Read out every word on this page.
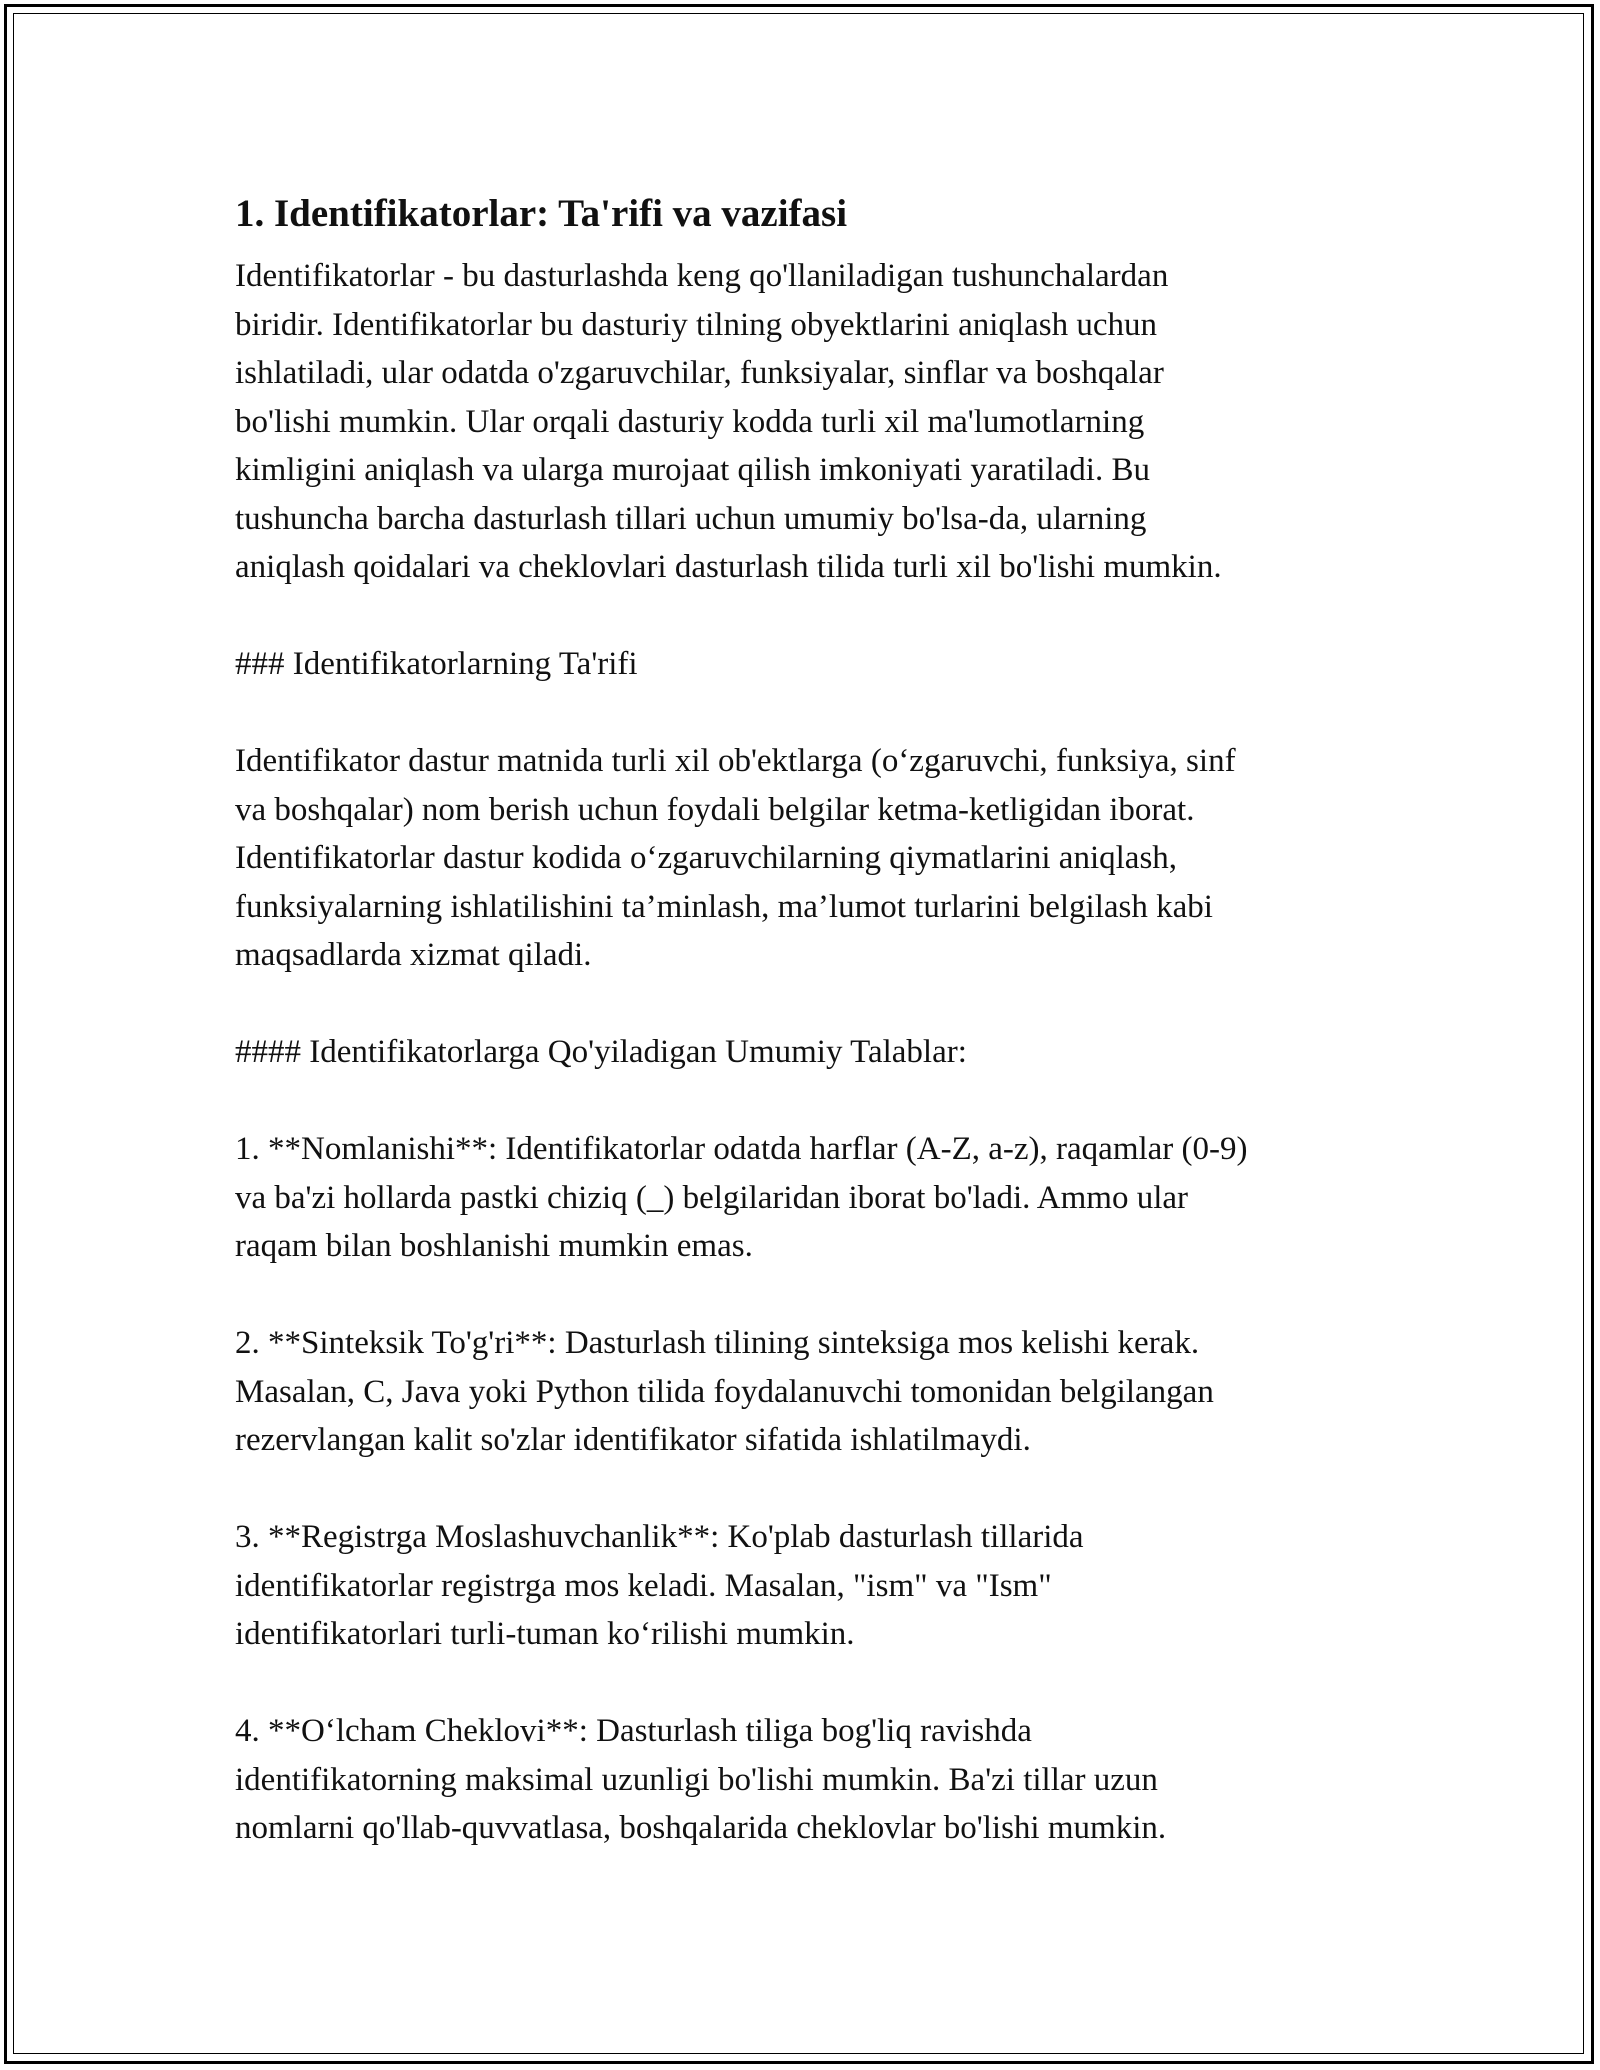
1. Identifikatorlar: Ta'rifi va vazifasi
Identifikatorlar - bu dasturlashda keng qo'llaniladigan tushunchalardan
biridir. Identifikatorlar bu dasturiy tilning obyektlarini aniqlash uchun
ishlatiladi, ular odatda o'zgaruvchilar, funksiyalar, sinflar va boshqalar
bo'lishi mumkin. Ular orqali dasturiy kodda turli xil ma'lumotlarning
kimligini aniqlash va ularga murojaat qilish imkoniyati yaratiladi. Bu
tushuncha barcha dasturlash tillari uchun umumiy bo'lsa-da, ularning
aniqlash qoidalari va cheklovlari dasturlash tilida turli xil bo'lishi mumkin.
### Identifikatorlarning Ta'rifi
Identifikator dastur matnida turli xil ob'ektlarga (o‘zgaruvchi, funksiya, sinf
va boshqalar) nom berish uchun foydali belgilar ketma-ketligidan iborat.
Identifikatorlar dastur kodida o‘zgaruvchilarning qiymatlarini aniqlash,
funksiyalarning ishlatilishini ta’minlash, ma’lumot turlarini belgilash kabi
maqsadlarda xizmat qiladi.
#### Identifikatorlarga Qo'yiladigan Umumiy Talablar:
1. **Nomlanishi**: Identifikatorlar odatda harflar (A-Z, a-z), raqamlar (0-9)
va ba'zi hollarda pastki chiziq (_) belgilaridan iborat bo'ladi. Ammo ular
raqam bilan boshlanishi mumkin emas.
2. **Sinteksik To'g'ri**: Dasturlash tilining sinteksiga mos kelishi kerak.
Masalan, C, Java yoki Python tilida foydalanuvchi tomonidan belgilangan
rezervlangan kalit so'zlar identifikator sifatida ishlatilmaydi.
3. **Registrga Moslashuvchanlik**: Ko'plab dasturlash tillarida
identifikatorlar registrga mos keladi. Masalan, "ism" va "Ism"
identifikatorlari turli-tuman ko‘rilishi mumkin.
4. **O‘lcham Cheklovi**: Dasturlash tiliga bog'liq ravishda
identifikatorning maksimal uzunligi bo'lishi mumkin. Ba'zi tillar uzun
nomlarni qo'llab-quvvatlasa, boshqalarida cheklovlar bo'lishi mumkin.
